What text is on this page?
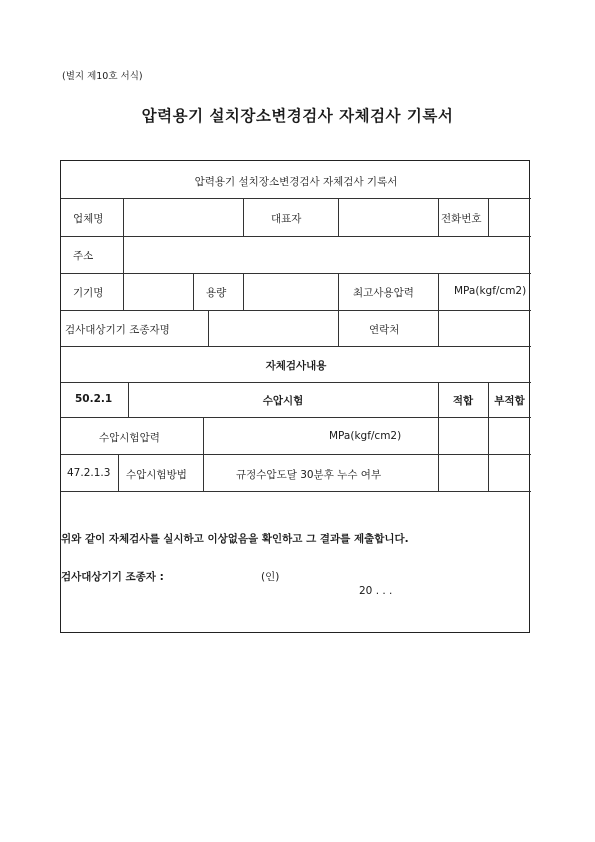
(별지 제10호 서식)
압력용기 설치장소변경검사 자체검사 기록서
압력용기 설치장소변경검사 자체검사 기록서
업체명	대표자	전화번호
주소
기기명	용량	최고사용압력	MPa(kgf/cm2)
검사대상기기 조종자명	연락처
자체검사내용
50.2.1	수압시험	적합	부적합
수압시험압력	MPa(kgf/cm2)
47.2.1.3 수압시험방법	규정수압도달 30분후 누수 여부
위와 같이 자체검사를 실시하고 이상없음을 확인하고 그 결과를 제출합니다.
검사대상기기 조종자 :	(인)
20 . . .
